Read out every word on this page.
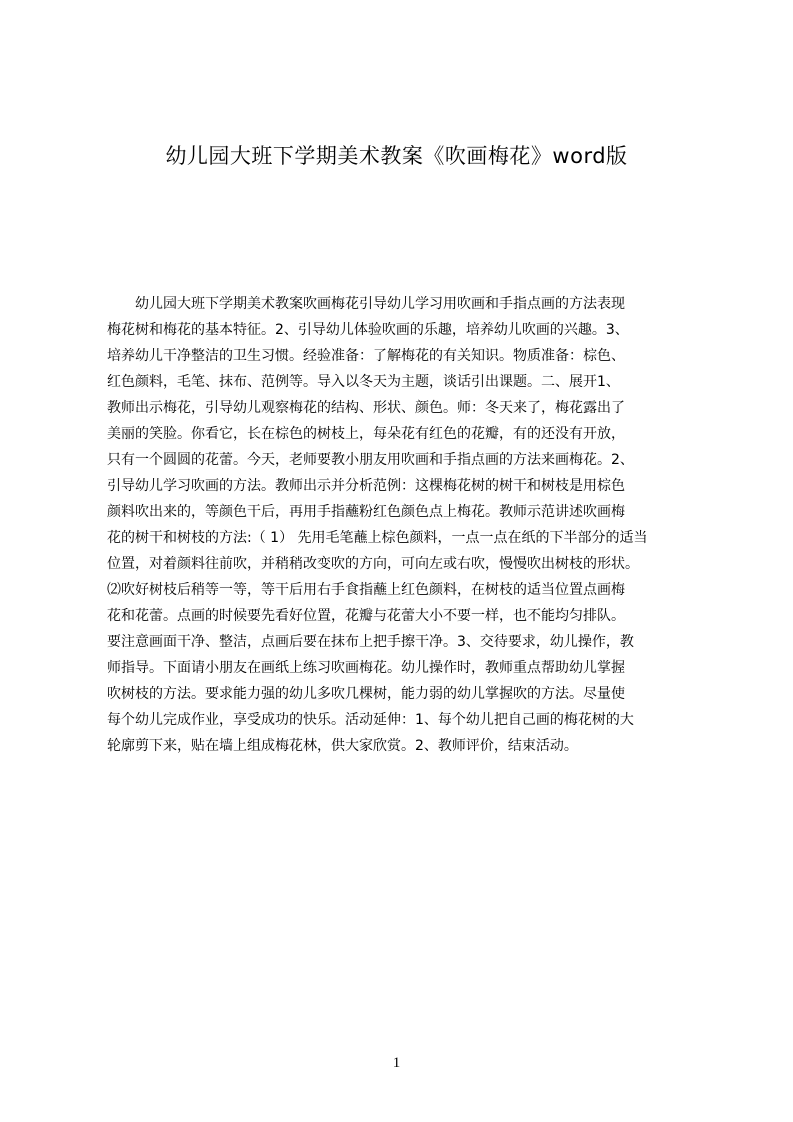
幼儿园大班下学期美术教案《吹画梅花》word版
　　幼儿园大班下学期美术教案吹画梅花引导幼儿学习用吹画和手指点画的方法表现
梅花树和梅花的基本特征。2、引导幼儿体验吹画的乐趣，培养幼儿吹画的兴趣。3、
培养幼儿干净整洁的卫生习惯。经验准备：了解梅花的有关知识。物质准备：棕色、
红色颜料，毛笔、抹布、范例等。导入以冬天为主题，谈话引出课题。二、展开1、
教师出示梅花，引导幼儿观察梅花的结构、形状、颜色。师：冬天来了，梅花露出了
美丽的笑脸。你看它，长在棕色的树枝上，每朵花有红色的花瓣，有的还没有开放，
只有一个圆圆的花蕾。今天，老师要教小朋友用吹画和手指点画的方法来画梅花。2、
引导幼儿学习吹画的方法。教师出示并分析范例：这棵梅花树的树干和树枝是用棕色
颜料吹出来的，等颜色干后，再用手指蘸粉红色颜色点上梅花。教师示范讲述吹画梅
花的树干和树枝的方法:（ 1） 先用毛笔蘸上棕色颜料，一点一点在纸的下半部分的适当
位置，对着颜料往前吹，并稍稍改变吹的方向，可向左或右吹，慢慢吹出树枝的形状。
⑵吹好树枝后稍等一等，等干后用右手食指蘸上红色颜料，在树枝的适当位置点画梅
花和花蕾。点画的时候要先看好位置，花瓣与花蕾大小不要一样，也不能均匀排队。
要注意画面干净、整洁，点画后要在抹布上把手擦干净。3、交待要求，幼儿操作，教
师指导。下面请小朋友在画纸上练习吹画梅花。幼儿操作时，教师重点帮助幼儿掌握
吹树枝的方法。要求能力强的幼儿多吹几棵树，能力弱的幼儿掌握吹的方法。尽量使
每个幼儿完成作业，享受成功的快乐。活动延伸：1、每个幼儿把自己画的梅花树的大
轮廓剪下来，贴在墙上组成梅花林，供大家欣赏。2、教师评价，结束活动。
1
